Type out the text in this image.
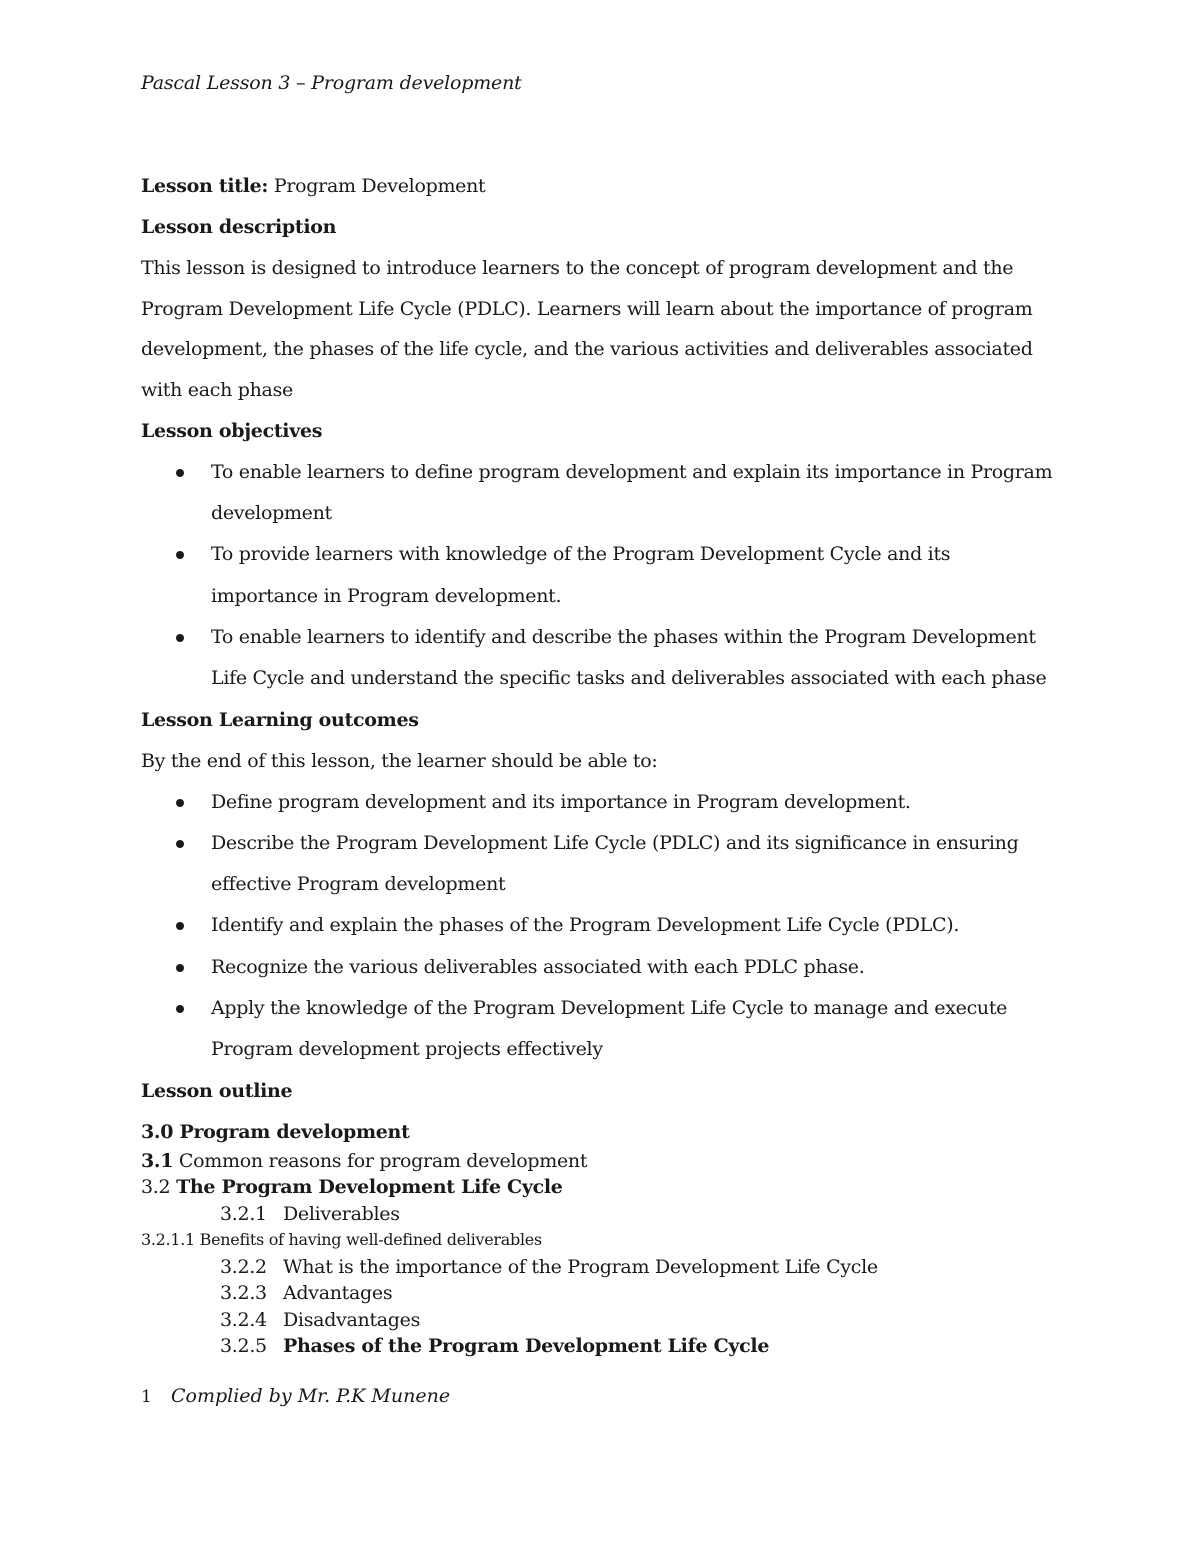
Pascal Lesson 3 – Program development
Lesson title: Program Development
Lesson description
This lesson is designed to introduce learners to the concept of program development and the
Program Development Life Cycle (PDLC). Learners will learn about the importance of program
development, the phases of the life cycle, and the various activities and deliverables associated
with each phase
Lesson objectives
To enable learners to define program development and explain its importance in Program
development
To provide learners with knowledge of the Program Development Cycle and its
importance in Program development.
To enable learners to identify and describe the phases within the Program Development
Life Cycle and understand the specific tasks and deliverables associated with each phase
Lesson Learning outcomes
By the end of this lesson, the learner should be able to:
Define program development and its importance in Program development.
Describe the Program Development Life Cycle (PDLC) and its significance in ensuring
effective Program development
Identify and explain the phases of the Program Development Life Cycle (PDLC).
Recognize the various deliverables associated with each PDLC phase.
Apply the knowledge of the Program Development Life Cycle to manage and execute
Program development projects effectively
Lesson outline
3.0 Program development
3.1 Common reasons for program development
3.2 The Program Development Life Cycle
3.2.1 Deliverables
3.2.1.1 Benefits of having well-defined deliverables
3.2.2 What is the importance of the Program Development Life Cycle
3.2.3 Advantages
3.2.4 Disadvantages
3.2.5 Phases of the Program Development Life Cycle
1 Complied by Mr. P.K Munene
